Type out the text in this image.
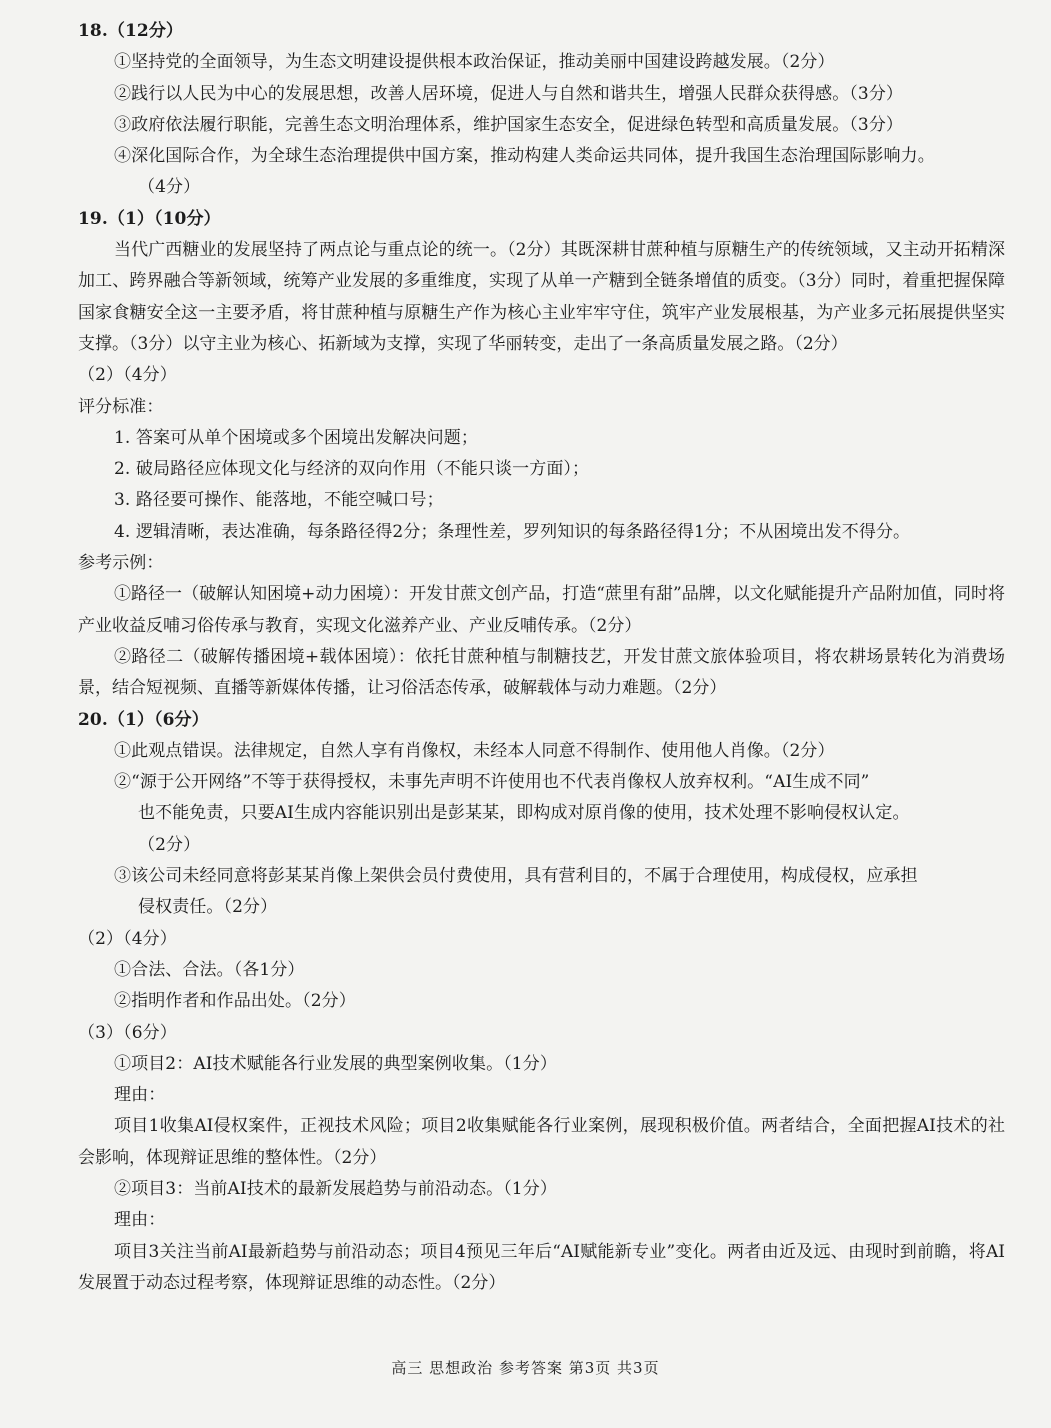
18.（12分）
①坚持党的全面领导，为生态文明建设提供根本政治保证，推动美丽中国建设跨越发展。（2分）
②践行以人民为中心的发展思想，改善人居环境，促进人与自然和谐共生，增强人民群众获得感。（3分）
③政府依法履行职能，完善生态文明治理体系，维护国家生态安全，促进绿色转型和高质量发展。（3分）
④深化国际合作，为全球生态治理提供中国方案，推动构建人类命运共同体，提升我国生态治理国际影响力。
（4分）
19.（1）（10分）

当代广西糖业的发展坚持了两点论与重点论的统一。（2分）其既深耕甘蔗种植与原糖生产的传统领域，又主动开拓精深加工、跨界融合等新领域，统筹产业发展的多重维度，实现了从单一产糖到全链条增值的质变。（3分）同时，着重把握保障国家食糖安全这一主要矛盾，将甘蔗种植与原糖生产作为核心主业牢牢守住，筑牢产业发展根基，为产业多元拓展提供坚实支撑。（3分）以守主业为核心、拓新域为支撑，实现了华丽转变，走出了一条高质量发展之路。（2分）

（2）（4分）
评分标准：
1. 答案可从单个困境或多个困境出发解决问题；
2. 破局路径应体现文化与经济的双向作用（不能只谈一方面）；
3. 路径要可操作、能落地，不能空喊口号；
4. 逻辑清晰，表达准确，每条路径得2分；条理性差，罗列知识的每条路径得1分；不从困境出发不得分。
参考示例：

①路径一（破解认知困境+动力困境）：开发甘蔗文创产品，打造“蔗里有甜”品牌，以文化赋能提升产品附加值，同时将产业收益反哺习俗传承与教育，实现文化滋养产业、产业反哺传承。（2分）

②路径二（破解传播困境+载体困境）：依托甘蔗种植与制糖技艺，开发甘蔗文旅体验项目，将农耕场景转化为消费场景，结合短视频、直播等新媒体传播，让习俗活态传承，破解载体与动力难题。（2分）

20.（1）（6分）
①此观点错误。法律规定，自然人享有肖像权，未经本人同意不得制作、使用他人肖像。（2分）
②“源于公开网络”不等于获得授权，未事先声明不许使用也不代表肖像权人放弃权利。“AI生成不同”
也不能免责，只要AI生成内容能识别出是彭某某，即构成对原肖像的使用，技术处理不影响侵权认定。
（2分）
③该公司未经同意将彭某某肖像上架供会员付费使用，具有营利目的，不属于合理使用，构成侵权，应承担
侵权责任。（2分）
（2）（4分）
①合法、合法。（各1分）
②指明作者和作品出处。（2分）
（3）（6分）
①项目2：AI技术赋能各行业发展的典型案例收集。（1分）
理由：

项目1收集AI侵权案件，正视技术风险；项目2收集赋能各行业案例，展现积极价值。两者结合，全面把握AI技术的社会影响，体现辩证思维的整体性。（2分）

②项目3：当前AI技术的最新发展趋势与前沿动态。（1分）
理由：

项目3关注当前AI最新趋势与前沿动态；项目4预见三年后“AI赋能新专业”变化。两者由近及远、由现时到前瞻，将AI发展置于动态过程考察，体现辩证思维的动态性。（2分）

高三 思想政治 参考答案 第3页 共3页
